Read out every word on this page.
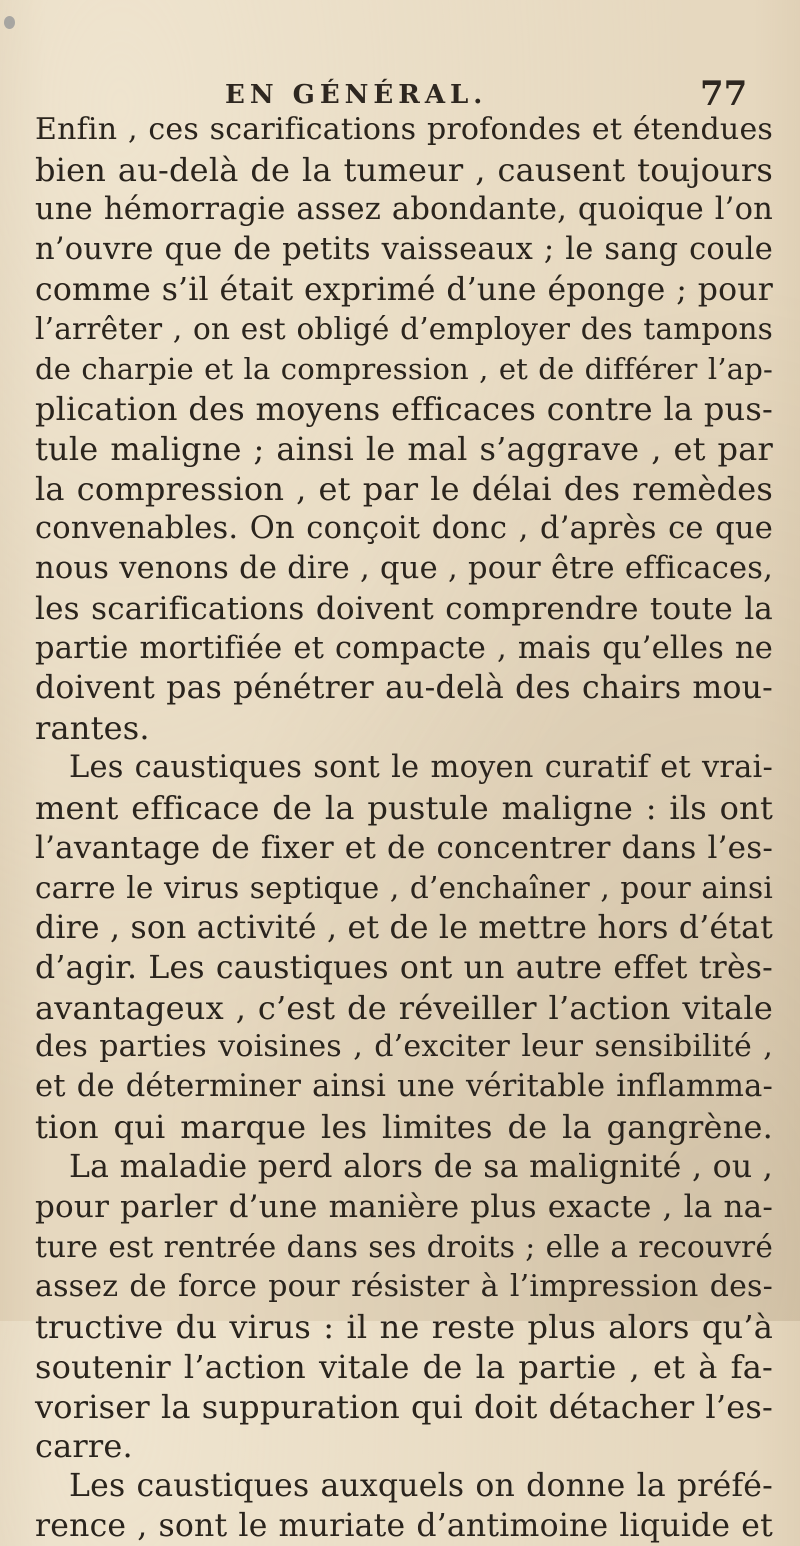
EN GÉNÉRAL.	77
Enfin , ces scarifications profondes et étendues
bien au-delà de la tumeur , causent toujours
une hémorragie assez abondante, quoique l’on
n’ouvre que de petits vaisseaux ; le sang coule
comme s’il était exprimé d’une éponge ; pour
l’arrêter , on est obligé d’employer des tampons
de charpie et la compression , et de différer l’ap-
plication des moyens efficaces contre la pus-
tule maligne ; ainsi le mal s’aggrave , et par
la compression , et par le délai des remèdes
convenables. On conçoit donc , d’après ce que
nous venons de dire , que , pour être efficaces,
les scarifications doivent comprendre toute la
partie mortifiée et compacte , mais qu’elles ne
doivent pas pénétrer au-delà des chairs mou-
rantes.
Les caustiques sont le moyen curatif et vrai-
ment efficace de la pustule maligne : ils ont
l’avantage de fixer et de concentrer dans l’es-
carre le virus septique , d’enchaîner , pour ainsi
dire , son activité , et de le mettre hors d’état
d’agir. Les caustiques ont un autre effet très-
avantageux , c’est de réveiller l’action vitale
des parties voisines , d’exciter leur sensibilité ,
et de déterminer ainsi une véritable inflamma-
tion qui marque les limites de la gangrène.
La maladie perd alors de sa malignité , ou ,
pour parler d’une manière plus exacte , la na-
ture est rentrée dans ses droits ; elle a recouvré
assez de force pour résister à l’impression des-
tructive du virus : il ne reste plus alors qu’à
soutenir l’action vitale de la partie , et à fa-
voriser la suppuration qui doit détacher l’es-
carre.
Les caustiques auxquels on donne la préfé-
rence , sont le muriate d’antimoine liquide et
